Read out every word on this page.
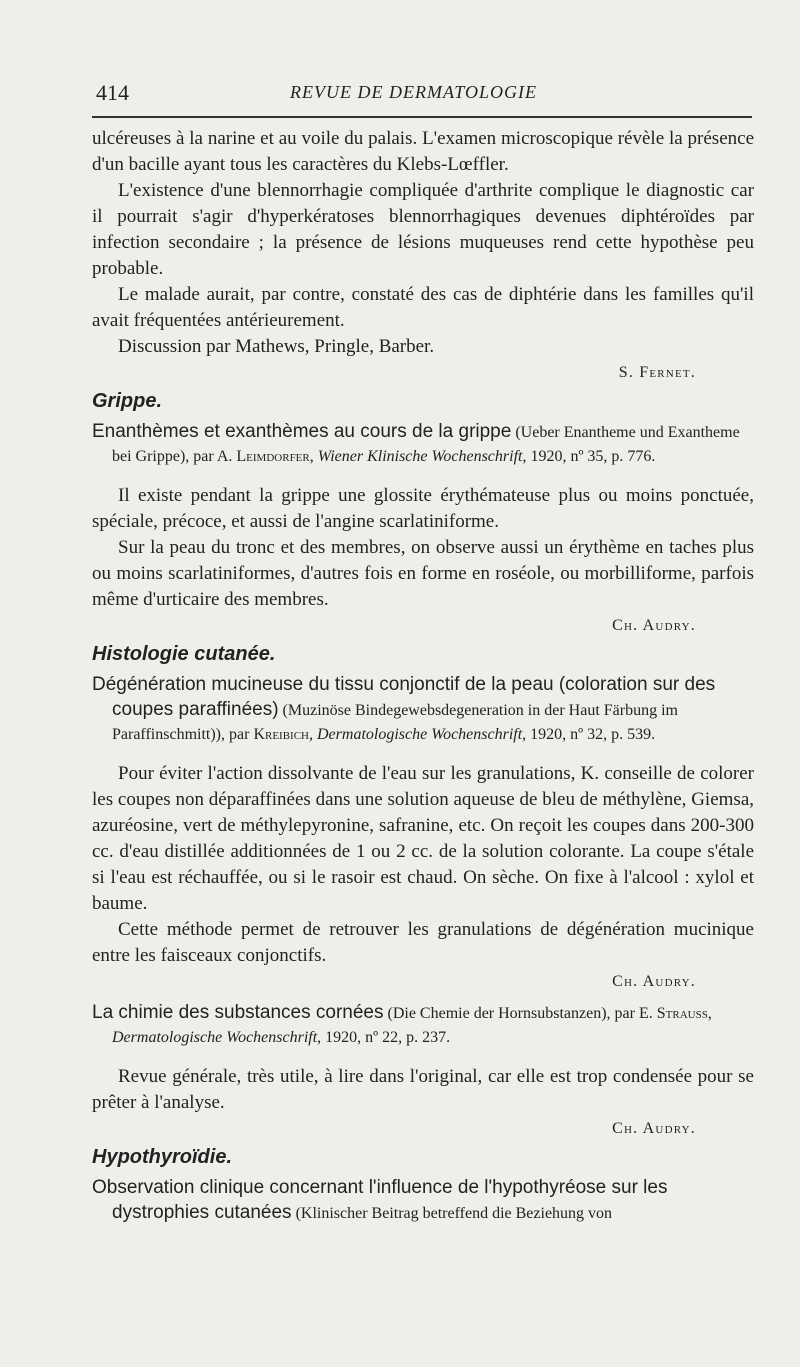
414	REVUE DE DERMATOLOGIE

ulcéreuses à la narine et au voile du palais. L'examen microscopique révèle la présence d'un bacille ayant tous les caractères du Klebs-Lœffler.

L'existence d'une blennorrhagie compliquée d'arthrite complique le diagnostic car il pourrait s'agir d'hyperkératoses blennorrhagiques devenues diphtéroïdes par infection secondaire ; la présence de lésions muqueuses rend cette hypothèse peu probable.

Le malade aurait, par contre, constaté des cas de diphtérie dans les familles qu'il avait fréquentées antérieurement.

Discussion par Mathews, Pringle, Barber.

S. Fernet.

Grippe.
Enanthèmes et exanthèmes au cours de la grippe (Ueber Enantheme und Exantheme bei Grippe), par A. Leimdorfer, Wiener Klinische Wochenschrift, 1920, nº 35, p. 776.

Il existe pendant la grippe une glossite érythémateuse plus ou moins ponctuée, spéciale, précoce, et aussi de l'angine scarlatiniforme.

Sur la peau du tronc et des membres, on observe aussi un érythème en taches plus ou moins scarlatiniformes, d'autres fois en forme en roséole, ou morbilliforme, parfois même d'urticaire des membres.

Ch. Audry.

Histologie cutanée.
Dégénération mucineuse du tissu conjonctif de la peau (coloration sur des coupes paraffinées) (Muzinöse Bindegewebsdegeneration in der Haut Färbung im Paraffinschmitt)), par Kreibich, Dermatologische Wochenschrift, 1920, nº 32, p. 539.

Pour éviter l'action dissolvante de l'eau sur les granulations, K. conseille de colorer les coupes non déparaffinées dans une solution aqueuse de bleu de méthylène, Giemsa, azuréosine, vert de méthylepyronine, safranine, etc. On reçoit les coupes dans 200-300 cc. d'eau distillée additionnées de 1 ou 2 cc. de la solution colorante. La coupe s'étale si l'eau est réchauffée, ou si le rasoir est chaud. On sèche. On fixe à l'alcool : xylol et baume.

Cette méthode permet de retrouver les granulations de dégénération mucinique entre les faisceaux conjonctifs.

Ch. Audry.

La chimie des substances cornées (Die Chemie der Hornsubstanzen), par E. Strauss, Dermatologische Wochenschrift, 1920, nº 22, p. 237.

Revue générale, très utile, à lire dans l'original, car elle est trop condensée pour se prêter à l'analyse.

Ch. Audry.

Hypothyroïdie.
Observation clinique concernant l'influence de l'hypothyréose sur les dystrophies cutanées (Klinischer Beitrag betreffend die Beziehung von
